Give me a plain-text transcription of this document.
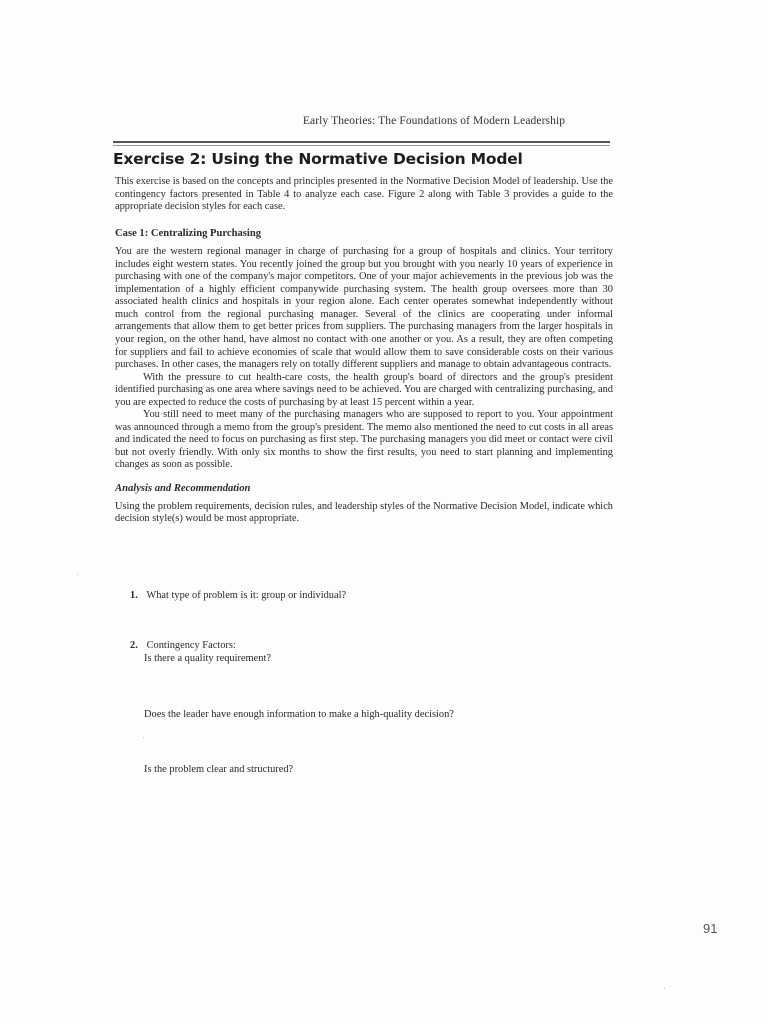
Early Theories: The Foundations of Modern Leadership
Exercise 2: Using the Normative Decision Model

This exercise is based on the concepts and principles presented in the Normative Decision Model of leadership. Use the contingency factors presented in Table 4 to analyze each case. Figure 2 along with Table 3 provides a guide to the appropriate decision styles for each case.

Case 1: Centralizing Purchasing

You are the western regional manager in charge of purchasing for a group of hospitals and clinics. Your territory includes eight western states. You recently joined the group but you brought with you nearly 10 years of experience in purchasing with one of the company's major competitors. One of your major achievements in the previous job was the implementation of a highly efficient companywide purchasing system. The health group oversees more than 30 associated health clinics and hospitals in your region alone. Each center operates somewhat independently without much control from the regional purchasing manager. Several of the clinics are cooperating under informal arrangements that allow them to get better prices from suppliers. The purchasing managers from the larger hospitals in your region, on the other hand, have almost no contact with one another or you. As a result, they are often competing for suppliers and fail to achieve economies of scale that would allow them to save considerable costs on their various purchases. In other cases, the managers rely on totally different suppliers and manage to obtain advantageous contracts.

With the pressure to cut health-care costs, the health group's board of directors and the group's president identified purchasing as one area where savings need to be achieved. You are charged with centralizing purchasing, and you are expected to reduce the costs of purchasing by at least 15 percent within a year.

You still need to meet many of the purchasing managers who are supposed to report to you. Your appointment was announced through a memo from the group's president. The memo also mentioned the need to cut costs in all areas and indicated the need to focus on purchasing as first step. The purchasing managers you did meet or contact were civil but not overly friendly. With only six months to show the first results, you need to start planning and implementing changes as soon as possible.

Analysis and Recommendation

Using the problem requirements, decision rules, and leadership styles of the Normative Decision Model, indicate which decision style(s) would be most appropriate.

1. What type of problem is it: group or individual?
2. Contingency Factors:
Is there a quality requirement?
Does the leader have enough information to make a high-quality decision?
Is the problem clear and structured?
91
